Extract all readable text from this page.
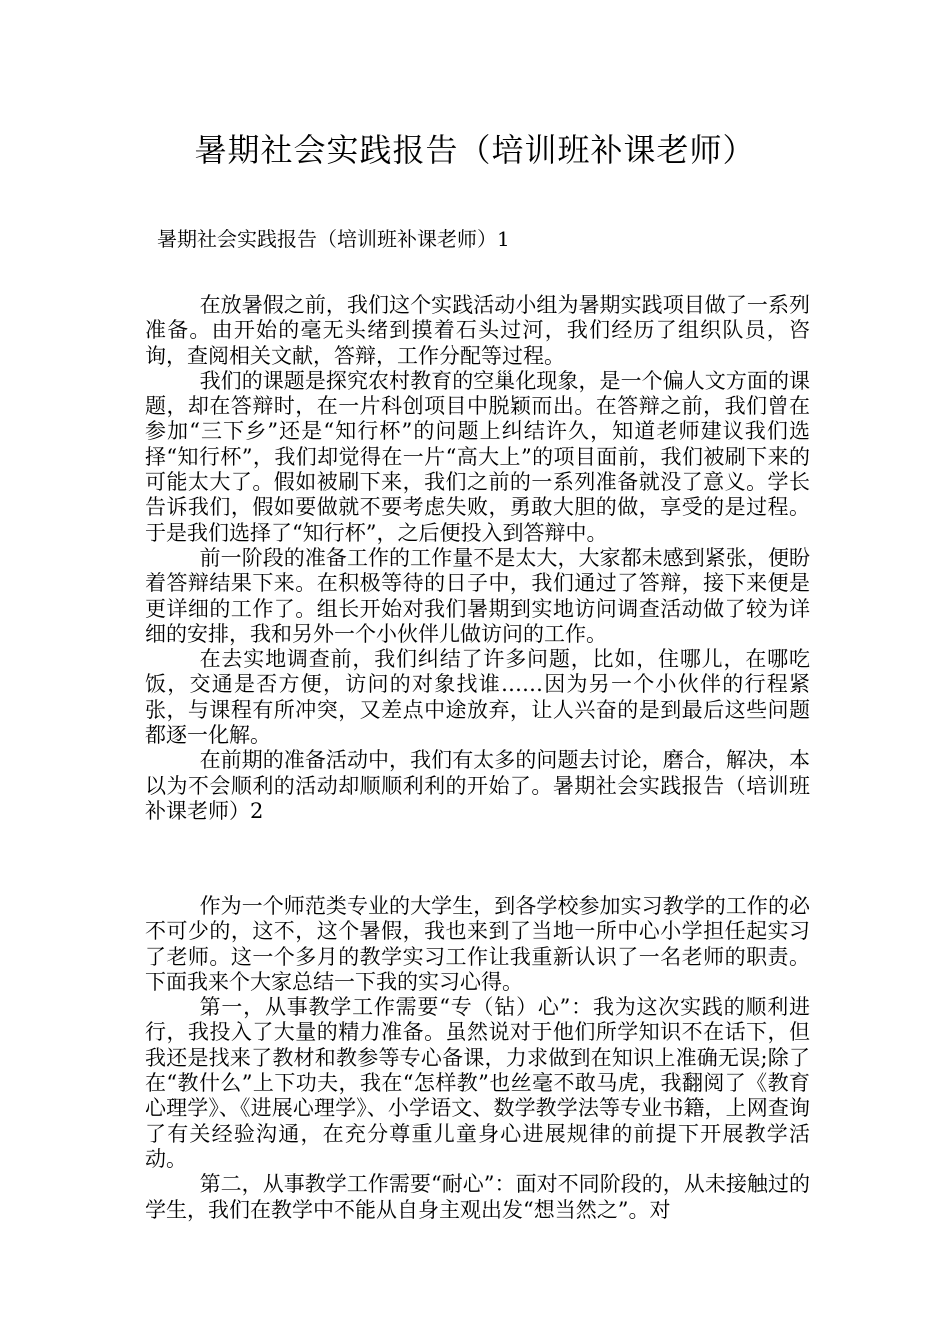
暑期社会实践报告（培训班补课老师）
暑期社会实践报告（培训班补课老师）1

在放暑假之前，我们这个实践活动小组为暑期实践项目做了一系列准备。由开始的毫无头绪到摸着石头过河，我们经历了组织队员，咨询，查阅相关文献，答辩，工作分配等过程。

我们的课题是探究农村教育的空巢化现象，是一个偏人文方面的课题，却在答辩时，在一片科创项目中脱颖而出。在答辩之前，我们曾在参加“三下乡”还是“知行杯”的问题上纠结许久，知道老师建议我们选择“知行杯”，我们却觉得在一片“高大上”的项目面前，我们被刷下来的可能太大了。假如被刷下来，我们之前的一系列准备就没了意义。学长告诉我们，假如要做就不要考虑失败，勇敢大胆的做，享受的是过程。于是我们选择了“知行杯”，之后便投入到答辩中。

前一阶段的准备工作的工作量不是太大，大家都未感到紧张，便盼着答辩结果下来。在积极等待的日子中，我们通过了答辩，接下来便是更详细的工作了。组长开始对我们暑期到实地访问调查活动做了较为详细的安排，我和另外一个小伙伴儿做访问的工作。

在去实地调查前，我们纠结了许多问题，比如，住哪儿，在哪吃饭，交通是否方便，访问的对象找谁……因为另一个小伙伴的行程紧张，与课程有所冲突，又差点中途放弃，让人兴奋的是到最后这些问题都逐一化解。

在前期的准备活动中，我们有太多的问题去讨论，磨合，解决，本以为不会顺利的活动却顺顺利利的开始了。暑期社会实践报告（培训班补课老师）2

作为一个师范类专业的大学生，到各学校参加实习教学的工作的必不可少的，这不，这个暑假，我也来到了当地一所中心小学担任起实习了老师。这一个多月的教学实习工作让我重新认识了一名老师的职责。下面我来个大家总结一下我的实习心得。

第一，从事教学工作需要“专（钻）心”：我为这次实践的顺利进行，我投入了大量的精力准备。虽然说对于他们所学知识不在话下，但我还是找来了教材和教参等专心备课，力求做到在知识上准确无误;除了在“教什么”上下功夫，我在“怎样教”也丝毫不敢马虎，我翻阅了《教育心理学》、《进展心理学》、小学语文、数学教学法等专业书籍，上网查询了有关经验沟通，在充分尊重儿童身心进展规律的前提下开展教学活动。

第二，从事教学工作需要“耐心”：面对不同阶段的，从未接触过的学生，我们在教学中不能从自身主观出发“想当然之”。对
